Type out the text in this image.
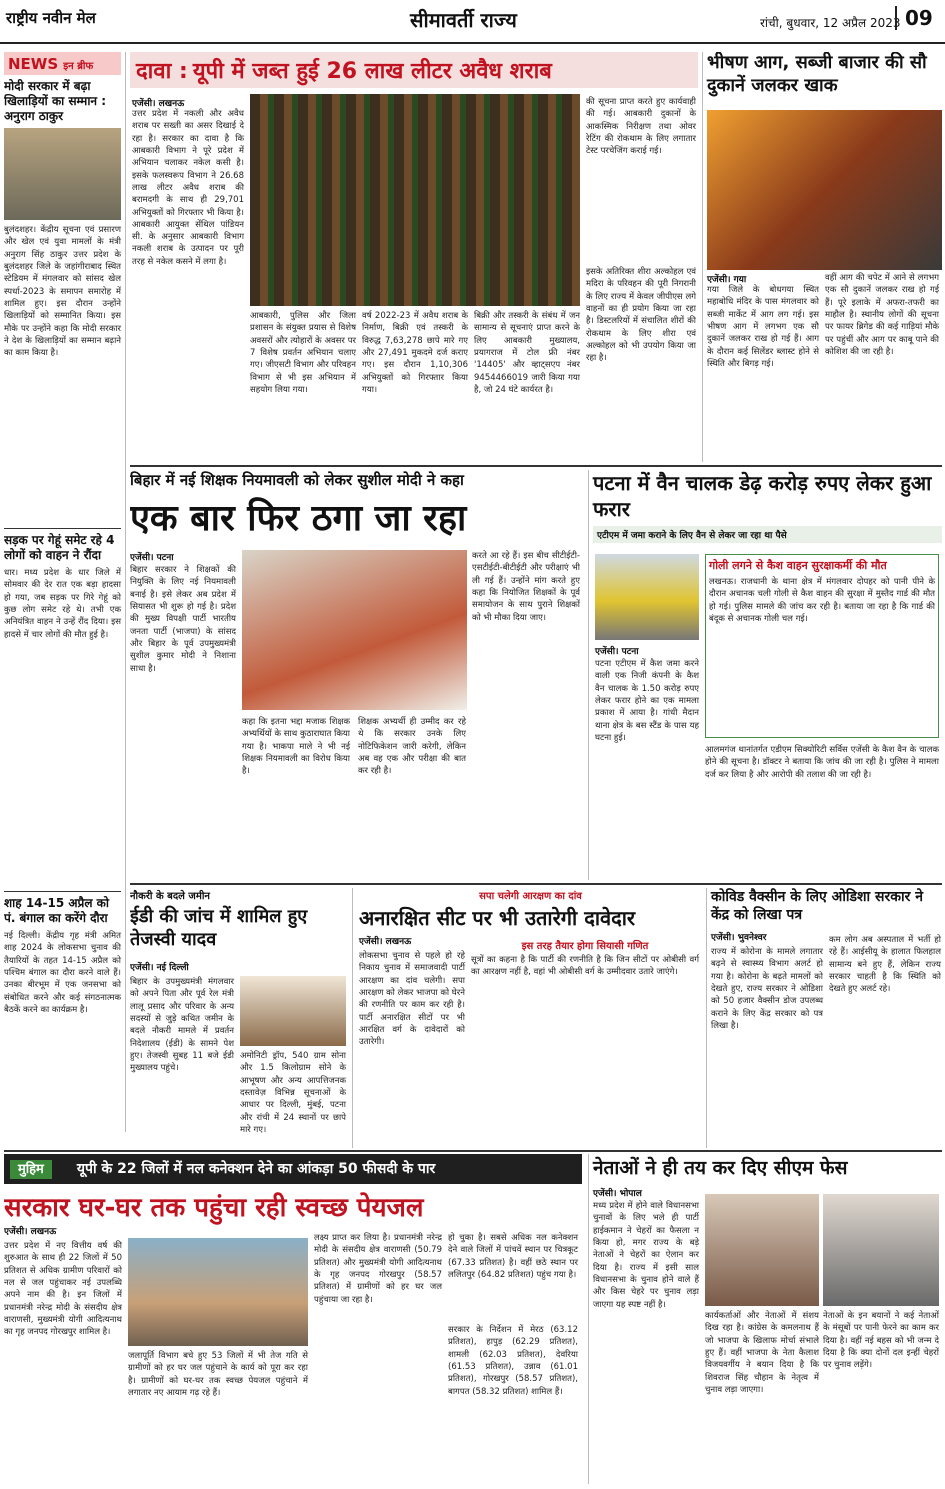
राष्ट्रीय नवीन मेल	सीमावर्ती राज्य	रांची, बुधवार, 12 अप्रैल 2023 09
NEWS इन ब्रीफ
मोदी सरकार में बढ़ा खिलाड़ियों का सम्मान : अनुराग ठाकुर
बुलंदशहर। केंद्रीय सूचना एवं प्रसारण और खेल एवं युवा मामलों के मंत्री अनुराग सिंह ठाकुर उत्तर प्रदेश के बुलंदशहर जिले के जहांगीराबाद स्थित स्टेडियम में मंगलवार को सांसद खेल स्पर्धा-2023 के समापन समारोह में शामिल हुए। इस दौरान उन्होंने खिलाड़ियों को सम्मानित किया। इस मौके पर उन्होंने कहा कि मोदी सरकार ने देश के खिलाड़ियों का सम्मान बढ़ाने का काम किया है।
सड़क पर गेहूं समेट रहे 4 लोगों को वाहन ने रौंदा
धार। मध्य प्रदेश के धार जिले में सोमवार की देर रात एक बड़ा हादसा हो गया, जब सड़क पर गिरे गेहूं को कुछ लोग समेट रहे थे। तभी एक अनियंत्रित वाहन ने उन्हें रौंद दिया। इस हादसे में चार लोगों की मौत हुई है।
शाह 14-15 अप्रैल को पं. बंगाल का करेंगे दौरा
नई दिल्ली। केंद्रीय गृह मंत्री अमित शाह 2024 के लोकसभा चुनाव की तैयारियों के तहत 14-15 अप्रैल को पश्चिम बंगाल का दौरा करने वाले हैं। उनका बीरभूम में एक जनसभा को संबोधित करने और कई संगठनात्मक बैठकें करने का कार्यक्रम है।
दावा : यूपी में जब्त हुई 26 लाख लीटर अवैध शराब
एजेंसी। लखनऊ
उत्तर प्रदेश में नकली और अवैध शराब पर सख्ती का असर दिखाई दे रहा है। सरकार का दावा है कि आबकारी विभाग ने पूरे प्रदेश में अभियान चलाकर नकेल कसी है। इसके फलस्वरूप विभाग ने 26.68 लाख लीटर अवैध शराब की बरामदगी के साथ ही 29,701 अभियुक्तों को गिरफ्तार भी किया है। आबकारी आयुक्त सेंथिल पांडियन सी. के अनुसार आबकारी विभाग नकली शराब के उत्पादन पर पूरी तरह से नकेल कसने में लगा है।
आबकारी, पुलिस और जिला प्रशासन के संयुक्त प्रयास से विशेष अवसरों और त्योहारों के अवसर पर 7 विशेष प्रवर्तन अभियान चलाए गए। जीएसटी विभाग और परिवहन विभाग से भी इस अभियान में सहयोग लिया गया।
वर्ष 2022-23 में अवैध शराब के निर्माण, बिक्री एवं तस्करी के विरुद्ध 7,63,278 छापे मारे गए और 27,491 मुकदमे दर्ज कराए गए। इस दौरान 1,10,306 अभियुक्तों को गिरफ्तार किया गया।
बिक्री और तस्करी के संबंध में जन सामान्य से सूचनाएं प्राप्त करने के लिए आबकारी मुख्यालय, प्रयागराज में टोल फ्री नंबर '14405' और व्हाट्सएप नंबर 9454466019 जारी किया गया है, जो 24 घंटे कार्यरत है।
की सूचना प्राप्त करते हुए कार्यवाही की गई। आबकारी दुकानों के आकस्मिक निरीक्षण तथा ओवर रेटिंग की रोकथाम के लिए लगातार टेस्ट परचेजिंग कराई गई।
इसके अतिरिक्त शीरा अल्कोहल एवं मदिरा के परिवहन की पूरी निगरानी के लिए राज्य में केवल जीपीएस लगे वाहनों का ही प्रयोग किया जा रहा है। डिस्टलरियों में संचालित शीरों की रोकथाम के लिए शीरा एवं अल्कोहल को भी उपयोग किया जा रहा है।
भीषण आग, सब्जी बाजार की सौ दुकानें जलकर खाक
एजेंसी। गया
गया जिले के बोधगया स्थित महाबोधि मंदिर के पास मंगलवार को सब्जी मार्केट में आग लग गई। इस भीषण आग में लगभग एक सौ दुकानें जलकर राख हो गई हैं। आग के दौरान कई सिलेंडर ब्लास्ट होने से स्थिति और बिगड़ गई।
वहीं आग की चपेट में आने से लगभग एक सौ दुकानें जलकर राख हो गई हैं। पूरे इलाके में अफरा-तफरी का माहौल है। स्थानीय लोगों की सूचना पर फायर ब्रिगेड की कई गाड़ियां मौके पर पहुंचीं और आग पर काबू पाने की कोशिश की जा रही है।
बिहार में नई शिक्षक नियमावली को लेकर सुशील मोदी ने कहा
एक बार फिर ठगा जा रहा
एजेंसी। पटना
बिहार सरकार ने शिक्षकों की नियुक्ति के लिए नई नियमावली बनाई है। इसे लेकर अब प्रदेश में सियासत भी शुरू हो गई है। प्रदेश की मुख्य विपक्षी पार्टी भारतीय जनता पार्टी (भाजपा) के सांसद और बिहार के पूर्व उपमुख्यमंत्री सुशील कुमार मोदी ने निशाना साधा है।
कहा कि इतना भद्दा मजाक शिक्षक अभ्यर्थियों के साथ कुठाराघात किया गया है। भाकपा माले ने भी नई शिक्षक नियमावली का विरोध किया है।
शिक्षक अभ्यर्थी ही उम्मीद कर रहे थे कि सरकार उनके लिए नोटिफिकेशन जारी करेगी, लेकिन अब वह एक और परीक्षा की बात कर रही है।
करते आ रहे हैं। इस बीच सीटीईटी-एसटीईटी-बीटीईटी और परीक्षाएं भी ली गई हैं। उन्होंने मांग करते हुए कहा कि नियोजित शिक्षकों के पूर्व समायोजन के साथ पुराने शिक्षकों को भी मौका दिया जाए।
पटना में वैन चालक डेढ़ करोड़ रुपए लेकर हुआ फरार
एटीएम में जमा कराने के लिए वैन से लेकर जा रहा था पैसे
एजेंसी। पटना
पटना एटीएम में कैश जमा करने वाली एक निजी कंपनी के कैश वैन चालक के 1.50 करोड़ रुपए लेकर फरार होने का एक मामला प्रकाश में आया है। गांधी मैदान थाना क्षेत्र के बस स्टैंड के पास यह घटना हुई।
गोली लगने से कैश वाहन सुरक्षाकर्मी की मौत
लखनऊ। राजधानी के थाना क्षेत्र में मंगलवार दोपहर को पानी पीने के दौरान अचानक चली गोली से कैश वाहन की सुरक्षा में मुस्तैद गार्ड की मौत हो गई। पुलिस मामले की जांच कर रही है। बताया जा रहा है कि गार्ड की बंदूक से अचानक गोली चल गई।
आलमगंज थानांतर्गत एडीएम सिक्योरिटी सर्विस एजेंसी के कैश वैन के चालक होने की सूचना है। डॉक्टर ने बताया कि जांच की जा रही है। पुलिस ने मामला दर्ज कर लिया है और आरोपी की तलाश की जा रही है।
नौकरी के बदले जमीन
ईडी की जांच में शामिल हुए तेजस्वी यादव
एजेंसी। नई दिल्ली
बिहार के उपमुख्यमंत्री मंगलवार को अपने पिता और पूर्व रेल मंत्री लालू प्रसाद और परिवार के अन्य सदस्यों से जुड़े कथित जमीन के बदले नौकरी मामले में प्रवर्तन निदेशालय (ईडी) के सामने पेश हुए। तेजस्वी सुबह 11 बजे ईडी मुख्यालय पहुंचे।
अमोनिटी ड्रॉप, 540 ग्राम सोना और 1.5 किलोग्राम सोने के आभूषण और अन्य आपत्तिजनक दस्तावेज़ विभिन्न सूचनाओं के आधार पर दिल्ली, मुंबई, पटना और रांची में 24 स्थानों पर छापे मारे गए।
सपा चलेगी आरक्षण का दांव
अनारक्षित सीट पर भी उतारेगी दावेदार
एजेंसी। लखनऊ
लोकसभा चुनाव से पहले हो रहे निकाय चुनाव में समाजवादी पार्टी आरक्षण का दांव चलेगी। सपा आरक्षण को लेकर भाजपा को घेरने की रणनीति पर काम कर रही है। पार्टी अनारक्षित सीटों पर भी आरक्षित वर्ग के दावेदारों को उतारेगी।
इस तरह तैयार होगा सियासी गणित
सूत्रों का कहना है कि पार्टी की रणनीति है कि जिन सीटों पर ओबीसी वर्ग का आरक्षण नहीं है, वहां भी ओबीसी वर्ग के उम्मीदवार उतारे जाएंगे।
कोविड वैक्सीन के लिए ओडिशा सरकार ने केंद्र को लिखा पत्र
एजेंसी। भुवनेश्वर
राज्य में कोरोना के मामले लगातार बढ़ने से स्वास्थ्य विभाग अलर्ट हो गया है। कोरोना के बढ़ते मामलों को देखते हुए, राज्य सरकार ने ओडिशा को 50 हजार वैक्सीन डोज उपलब्ध कराने के लिए केंद्र सरकार को पत्र लिखा है।
कम लोग अब अस्पताल में भर्ती हो रहे हैं। आईसीयू के हालात फिलहाल सामान्य बने हुए हैं, लेकिन राज्य सरकार चाहती है कि स्थिति को देखते हुए अलर्ट रहे।
मुहिम यूपी के 22 जिलों में नल कनेक्शन देने का आंकड़ा 50 फीसदी के पार
सरकार घर-घर तक पहुंचा रही स्वच्छ पेयजल
एजेंसी। लखनऊ
उत्तर प्रदेश में नए वित्तीय वर्ष की शुरुआत के साथ ही 22 जिलों में 50 प्रतिशत से अधिक ग्रामीण परिवारों को नल से जल पहुंचाकर नई उपलब्धि अपने नाम की है। इन जिलों में प्रधानमंत्री नरेन्द्र मोदी के संसदीय क्षेत्र वाराणसी, मुख्यमंत्री योगी आदित्यनाथ का गृह जनपद गोरखपुर शामिल है।
जलापूर्ति विभाग बचे हुए 53 जिलों में भी तेज गति से ग्रामीणों को हर घर जल पहुंचाने के कार्य को पूरा कर रहा है। ग्रामीणों को घर-घर तक स्वच्छ पेयजल पहुंचाने में लगातार नए आयाम गढ़ रहे हैं।
लक्ष्य प्राप्त कर लिया है। प्रधानमंत्री नरेन्द्र मोदी के संसदीय क्षेत्र वाराणसी (50.79 प्रतिशत) और मुख्यमंत्री योगी आदित्यनाथ के गृह जनपद गोरखपुर (58.57 प्रतिशत) में ग्रामीणों को हर घर जल पहुंचाया जा रहा है।
हो चुका है। सबसे अधिक नल कनेक्शन देने वाले जिलों में पांचवें स्थान पर चित्रकूट (67.33 प्रतिशत) है। वहीं छठे स्थान पर ललितपुर (64.82 प्रतिशत) पहुंच गया है।
सरकार के निर्देशन में मेरठ (63.12 प्रतिशत), हापुड़ (62.29 प्रतिशत), शामली (62.03 प्रतिशत), देवरिया (61.53 प्रतिशत), उन्नाव (61.01 प्रतिशत), गोरखपुर (58.57 प्रतिशत), बागपत (58.32 प्रतिशत) शामिल हैं।
नेताओं ने ही तय कर दिए सीएम फेस
एजेंसी। भोपाल
मध्य प्रदेश में होने वाले विधानसभा चुनावों के लिए भले ही पार्टी हाईकमान ने चेहरों का फैसला न किया हो, मगर राज्य के बड़े नेताओं ने चेहरों का ऐलान कर दिया है। राज्य में इसी साल विधानसभा के चुनाव होने वाले हैं और किस चेहरे पर चुनाव लड़ा जाएगा यह स्पष्ट नहीं है।
कार्यकर्ताओं और नेताओं में संशय दिख रहा है। कांग्रेस के कमलनाथ हैं जो भाजपा के खिलाफ मोर्चा संभाले हुए हैं। वहीं भाजपा के नेता कैलाश विजयवर्गीय ने बयान दिया है कि शिवराज सिंह चौहान के नेतृत्व में चुनाव लड़ा जाएगा।
नेताओं के इन बयानों ने कई नेताओं के मंसूबों पर पानी फेरने का काम कर दिया है। वहीं नई बहस को भी जन्म दे दिया है कि क्या दोनों दल इन्हीं चेहरों पर चुनाव लड़ेंगे।
